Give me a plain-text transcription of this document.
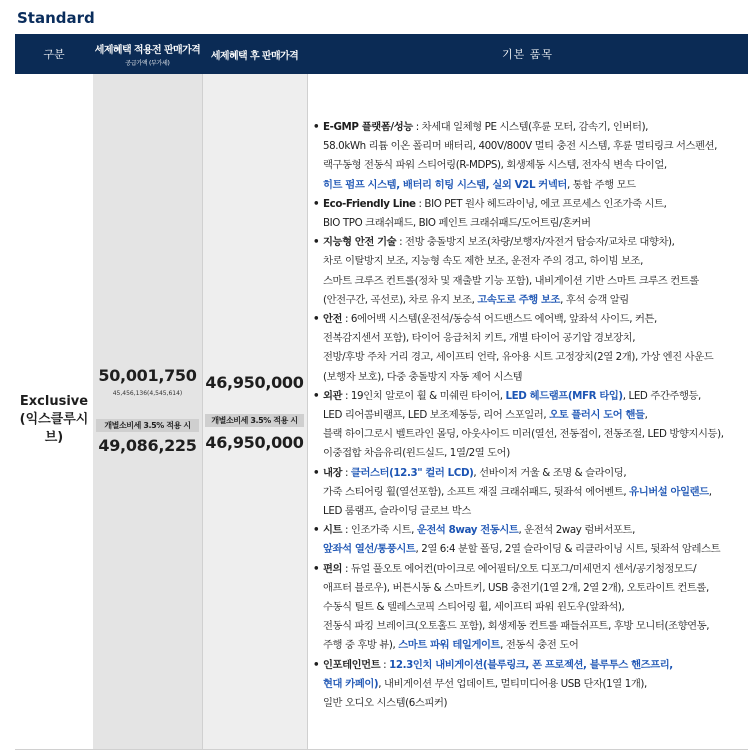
Standard
구분	세제혜택 적용전 판매가격
공급가액 (부가세)
세제혜택 후 판매가격	기본 품목
Exclusive
(익스클루시브)
50,001,750
45,456,136(4,545,614)
개별소비세 3.5% 적용 시
49,086,225
46,950,000
개별소비세 3.5% 적용 시
46,950,000
• E-GMP 플랫폼/성능 : 차세대 일체형 PE 시스템(후륜 모터, 감속기, 인버터),
58.0kWh 리튬 이온 폴리머 배터리, 400V/800V 멀티 충전 시스템, 후륜 멀티링크 서스펜션,
랙구동형 전동식 파워 스티어링(R-MDPS), 회생제동 시스템, 전자식 변속 다이얼,
히트 펌프 시스템, 배터리 히팅 시스템, 실외 V2L 커넥터, 통합 주행 모드
• Eco-Friendly Line : BIO PET 원사 헤드라이닝, 에코 프로세스 인조가죽 시트,
BIO TPO 크래쉬패드, BIO 페인트 크래쉬패드/도어트림/혼커버
• 지능형 안전 기술 : 전방 충돌방지 보조(차량/보행자/자전거 탑승자/교차로 대향차),
차로 이탈방지 보조, 지능형 속도 제한 보조, 운전자 주의 경고, 하이빔 보조,
스마트 크루즈 컨트롤(정차 및 재출발 기능 포함), 내비게이션 기반 스마트 크루즈 컨트롤
(안전구간, 곡선로), 차로 유지 보조, 고속도로 주행 보조, 후석 승객 알림
• 안전 : 6에어백 시스템(운전석/동승석 어드밴스드 에어백, 앞좌석 사이드, 커튼,
전복감지센서 포함), 타이어 응급처치 키트, 개별 타이어 공기압 경보장치,
전방/후방 주차 거리 경고, 세이프티 언락, 유아용 시트 고정장치(2열 2개), 가상 엔진 사운드
(보행자 보호), 다중 충돌방지 자동 제어 시스템
• 외관 : 19인치 알로이 휠 & 미쉐린 타이어, LED 헤드램프(MFR 타입), LED 주간주행등,
LED 리어콤비램프, LED 보조제동등, 리어 스포일러, 오토 플러시 도어 핸들,
블랙 하이그로시 벨트라인 몰딩, 아웃사이드 미러(열선, 전동접이, 전동조절, LED 방향지시등),
이중접합 차음유리(윈드실드, 1열/2열 도어)
• 내장 : 클러스터(12.3" 컬러 LCD), 선바이저 거울 & 조명 & 슬라이딩,
가죽 스티어링 휠(열선포함), 소프트 재질 크래쉬패드, 뒷좌석 에어벤트, 유니버설 아일랜드,
LED 룸램프, 슬라이딩 글로브 박스
• 시트 : 인조가죽 시트, 운전석 8way 전동시트, 운전석 2way 럼버서포트,
앞좌석 열선/통풍시트, 2열 6:4 분할 폴딩, 2열 슬라이딩 & 리클라이닝 시트, 뒷좌석 암레스트
• 편의 : 듀얼 풀오토 에어컨(마이크로 에어필터/오토 디포그/미세먼지 센서/공기청정모드/
애프터 블로우), 버튼시동 & 스마트키, USB 충전기(1열 2개, 2열 2개), 오토라이트 컨트롤,
수동식 틸트 & 텔레스코픽 스티어링 휠, 세이프티 파워 윈도우(앞좌석),
전동식 파킹 브레이크(오토홀드 포함), 회생제동 컨트롤 패들쉬프트, 후방 모니터(조향연동,
주행 중 후방 뷰), 스마트 파워 테일게이트, 전동식 충전 도어
• 인포테인먼트 : 12.3인치 내비게이션(블루링크, 폰 프로젝션, 블루투스 핸즈프리,
현대 카페이), 내비게이션 무선 업데이트, 멀티미디어용 USB 단자(1열 1개),
일반 오디오 시스템(6스피커)
